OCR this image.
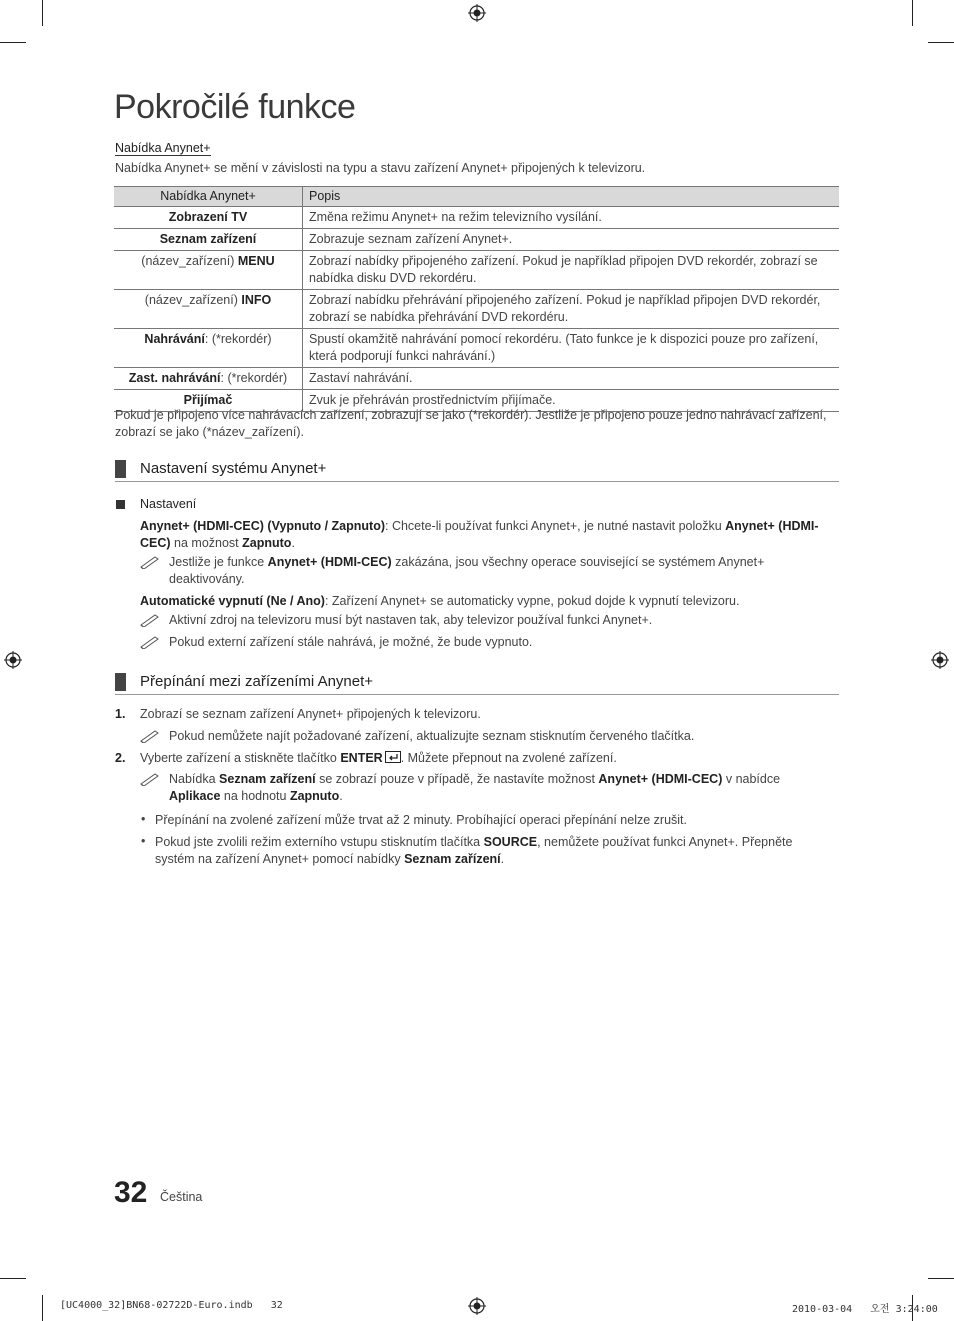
Pokročilé funkce
Nabídka Anynet+
Nabídka Anynet+ se mění v závislosti na typu a stavu zařízení Anynet+ připojených k televizoru.
Nabídka Anynet+	Popis
Zobrazení TV	Změna režimu Anynet+ na režim televizního vysílání.
Seznam zařízení	Zobrazuje seznam zařízení Anynet+.
(název_zařízení) MENU	Zobrazí nabídky připojeného zařízení. Pokud je například připojen DVD rekordér, zobrazí se nabídka disku DVD rekordéru.
(název_zařízení) INFO	Zobrazí nabídku přehrávání připojeného zařízení. Pokud je například připojen DVD rekordér, zobrazí se nabídka přehrávání DVD rekordéru.
Nahrávání: (*rekordér)	Spustí okamžitě nahrávání pomocí rekordéru. (Tato funkce je k dispozici pouze pro zařízení, která podporují funkci nahrávání.)
Zast. nahrávání: (*rekordér)	Zastaví nahrávání.
Přijímač	Zvuk je přehráván prostřednictvím přijímače.
Pokud je připojeno více nahrávacích zařízení, zobrazují se jako (*rekordér). Jestliže je připojeno pouze jedno nahrávací zařízení, zobrazí se jako (*název_zařízení).
Nastavení systému Anynet+
Nastavení
Anynet+ (HDMI-CEC) (Vypnuto / Zapnuto): Chcete-li používat funkci Anynet+, je nutné nastavit položku Anynet+ (HDMI-CEC) na možnost Zapnuto.
Jestliže je funkce Anynet+ (HDMI-CEC) zakázána, jsou všechny operace související se systémem Anynet+ deaktivovány.
Automatické vypnutí (Ne / Ano): Zařízení Anynet+ se automaticky vypne, pokud dojde k vypnutí televizoru.
Aktivní zdroj na televizoru musí být nastaven tak, aby televizor používal funkci Anynet+.
Pokud externí zařízení stále nahrává, je možné, že bude vypnuto.
Přepínání mezi zařízeními Anynet+
1. Zobrazí se seznam zařízení Anynet+ připojených k televizoru.
Pokud nemůžete najít požadované zařízení, aktualizujte seznam stisknutím červeného tlačítka.
2. Vyberte zařízení a stiskněte tlačítko ENTER . Můžete přepnout na zvolené zařízení.
Nabídka Seznam zařízení se zobrazí pouze v případě, že nastavíte možnost Anynet+ (HDMI-CEC) v nabídce Aplikace na hodnotu Zapnuto.
• Přepínání na zvolené zařízení může trvat až 2 minuty. Probíhající operaci přepínání nelze zrušit.
• Pokud jste zvolili režim externího vstupu stisknutím tlačítka SOURCE, nemůžete používat funkci Anynet+. Přepněte systém na zařízení Anynet+ pomocí nabídky Seznam zařízení.
32 Čeština
[UC4000_32]BN68-02722D-Euro.indb   32	2010-03-04   오전 3:24:00
